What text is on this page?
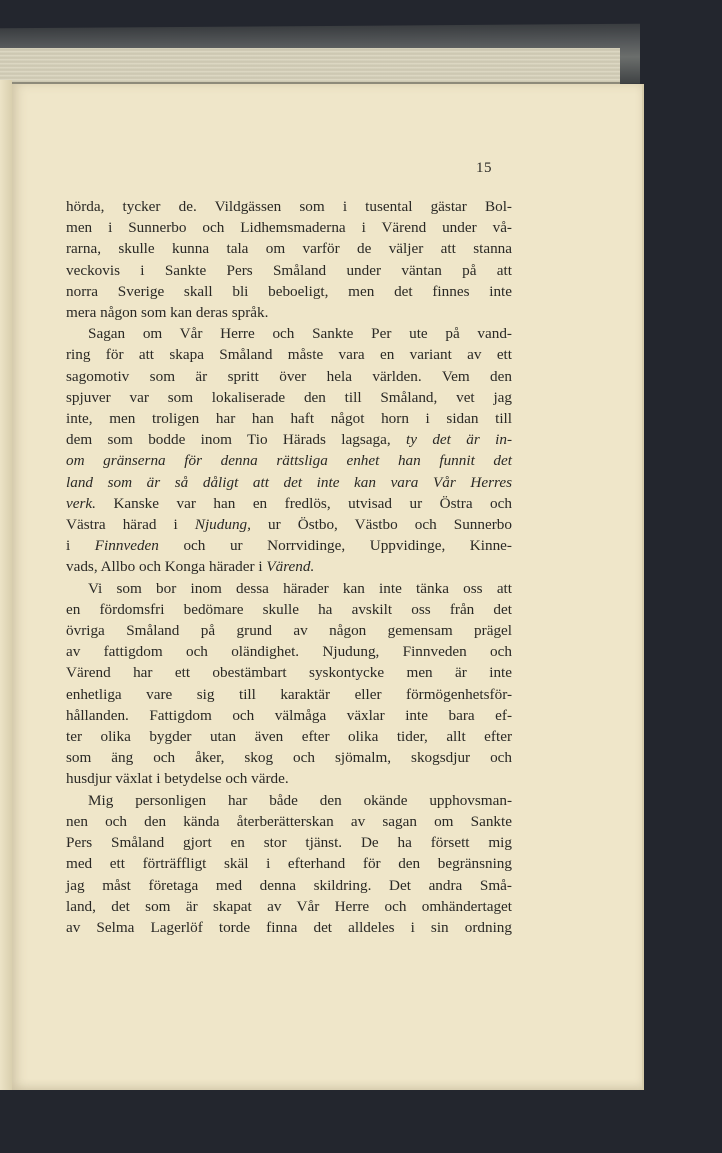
15
hörda, tycker de. Vildgässen som i tusental gästar Bol-
men i Sunnerbo och Lidhemsmaderna i Värend under vå-
rarna, skulle kunna tala om varför de väljer att stanna
veckovis i Sankte Pers Småland under väntan på att
norra Sverige skall bli beboeligt, men det finnes inte
mera någon som kan deras språk.
Sagan om Vår Herre och Sankte Per ute på vand-
ring för att skapa Småland måste vara en variant av ett
sagomotiv som är spritt över hela världen. Vem den
spjuver var som lokaliserade den till Småland, vet jag
inte, men troligen har han haft något horn i sidan till
dem som bodde inom Tio Härads lagsaga, ty det är in-
om gränserna för denna rättsliga enhet han funnit det
land som är så dåligt att det inte kan vara Vår Herres
verk. Kanske var han en fredlös, utvisad ur Östra och
Västra härad i Njudung, ur Östbo, Västbo och Sunnerbo
i Finnveden och ur Norrvidinge, Uppvidinge, Kinne-
vads, Allbo och Konga härader i Värend.
Vi som bor inom dessa härader kan inte tänka oss att
en fördomsfri bedömare skulle ha avskilt oss från det
övriga Småland på grund av någon gemensam prägel
av fattigdom och oländighet. Njudung, Finnveden och
Värend har ett obestämbart syskontycke men är inte
enhetliga vare sig till karaktär eller förmögenhetsför-
hållanden. Fattigdom och välmåga växlar inte bara ef-
ter olika bygder utan även efter olika tider, allt efter
som äng och åker, skog och sjömalm, skogsdjur och
husdjur växlat i betydelse och värde.
Mig personligen har både den okände upphovsman-
nen och den kända återberätterskan av sagan om Sankte
Pers Småland gjort en stor tjänst. De ha försett mig
med ett förträffligt skäl i efterhand för den begränsning
jag måst företaga med denna skildring. Det andra Små-
land, det som är skapat av Vår Herre och omhändertaget
av Selma Lagerlöf torde finna det alldeles i sin ordning
